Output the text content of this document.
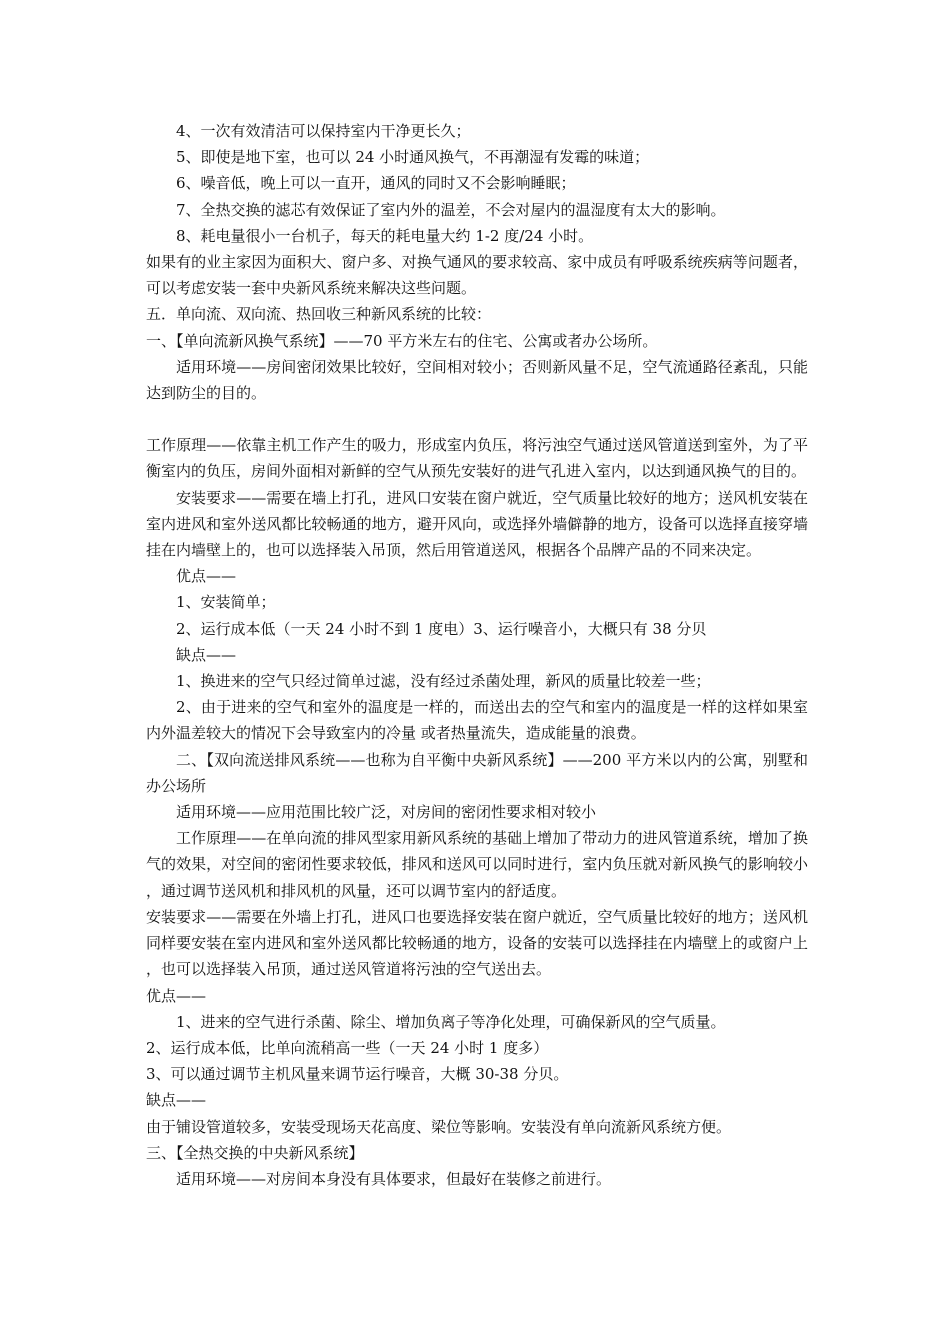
4、一次有效清洁可以保持室内干净更长久；

5、即使是地下室，也可以 24 小时通风换气，不再潮湿有发霉的味道；

6、噪音低，晚上可以一直开，通风的同时又不会影响睡眠；

7、全热交换的滤芯有效保证了室内外的温差，不会对屋内的温湿度有太大的影响。

8、耗电量很小一台机子，每天的耗电量大约 1-2 度/24 小时。

如果有的业主家因为面积大、窗户多、对换气通风的要求较高、家中成员有呼吸系统疾病等问题者，可以考虑安装一套中央新风系统来解决这些问题。

五．单向流、双向流、热回收三种新风系统的比较：

一、【单向流新风换气系统】——70 平方米左右的住宅、公寓或者办公场所。

适用环境——房间密闭效果比较好，空间相对较小；否则新风量不足，空气流通路径紊乱，只能达到防尘的目的。

工作原理——依靠主机工作产生的吸力，形成室内负压，将污浊空气通过送风管道送到室外，为了平衡室内的负压，房间外面相对新鲜的空气从预先安装好的进气孔进入室内，以达到通风换气的目的。

安装要求——需要在墙上打孔，进风口安装在窗户就近，空气质量比较好的地方；送风机安装在室内进风和室外送风都比较畅通的地方，避开风向，或选择外墙僻静的地方，设备可以选择直接穿墙挂在内墙壁上的，也可以选择装入吊顶，然后用管道送风，根据各个品牌产品的不同来决定。

优点——

1、安装简单；

2、运行成本低（一天 24 小时不到 1 度电）3、运行噪音小，大概只有 38 分贝

缺点——

1、换进来的空气只经过简单过滤，没有经过杀菌处理，新风的质量比较差一些；

2、由于进来的空气和室外的温度是一样的，而送出去的空气和室内的温度是一样的这样如果室内外温差较大的情况下会导致室内的冷量 或者热量流失，造成能量的浪费。

二、【双向流送排风系统——也称为自平衡中央新风系统】——200 平方米以内的公寓，别墅和办公场所

适用环境——应用范围比较广泛，对房间的密闭性要求相对较小

工作原理——在单向流的排风型家用新风系统的基础上增加了带动力的进风管道系统，增加了换气的效果，对空间的密闭性要求较低，排风和送风可以同时进行，室内负压就对新风换气的影响较小，通过调节送风机和排风机的风量，还可以调节室内的舒适度。

安装要求——需要在外墙上打孔，进风口也要选择安装在窗户就近，空气质量比较好的地方；送风机同样要安装在室内进风和室外送风都比较畅通的地方，设备的安装可以选择挂在内墙壁上的或窗户上，也可以选择装入吊顶，通过送风管道将污浊的空气送出去。

优点——

1、进来的空气进行杀菌、除尘、增加负离子等净化处理，可确保新风的空气质量。

2、运行成本低，比单向流稍高一些（一天 24 小时 1 度多）

3、可以通过调节主机风量来调节运行噪音，大概 30-38 分贝。

缺点——

由于铺设管道较多，安装受现场天花高度、梁位等影响。安装没有单向流新风系统方便。

三、【全热交换的中央新风系统】

适用环境——对房间本身没有具体要求，但最好在装修之前进行。
